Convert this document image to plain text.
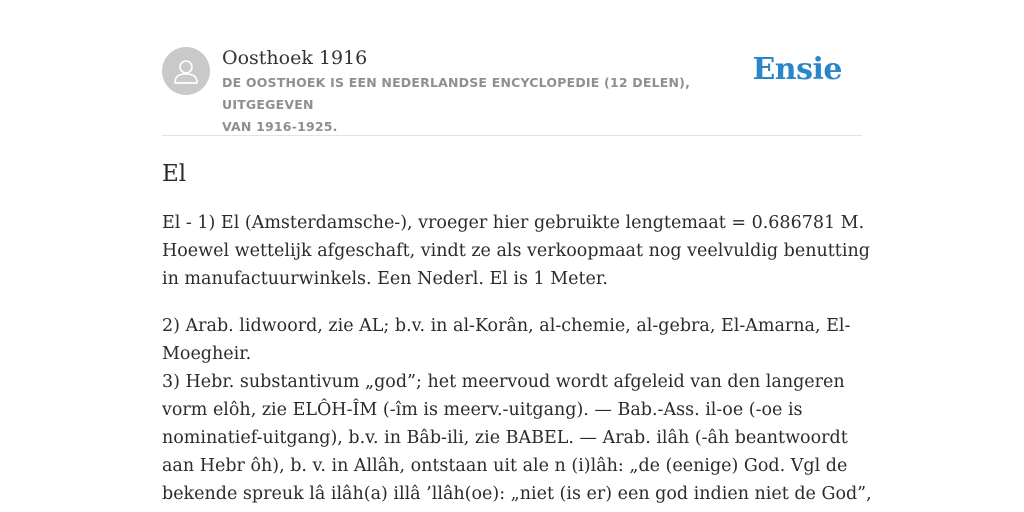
Oosthoek 1916
DE OOSTHOEK IS EEN NEDERLANDSE ENCYCLOPEDIE (12 DELEN), UITGEGEVEN
VAN 1916-1925.
Ensie
El

El - 1) El (Amsterdamsche-), vroeger hier gebruikte lengtemaat = 0.686781 M.
Hoewel wettelijk afgeschaft, vindt ze als verkoopmaat nog veelvuldig benutting
in manufactuurwinkels. Een Nederl. El is 1 Meter.

2) Arab. lidwoord, zie AL; b.v. in al-Korân, al-chemie, al-gebra, El-Amarna, El-
Moegheir.
3) Hebr. substantivum „god”; het meervoud wordt afgeleid van den langeren
vorm elôh, zie ELÔH-ÎM (-îm is meerv.-uitgang). — Bab.-Ass. il-oe (-oe is
nominatief-uitgang), b.v. in Bâb-ili, zie BABEL. — Arab. ilâh (-âh beantwoordt
aan Hebr ôh), b. v. in Allâh, ontstaan uit ale n (i)lâh: „de (eenige) God. Vgl de
bekende spreuk lâ ilâh(a) illâ ’llâh(oe): „niet (is er) een god indien niet de God”,
